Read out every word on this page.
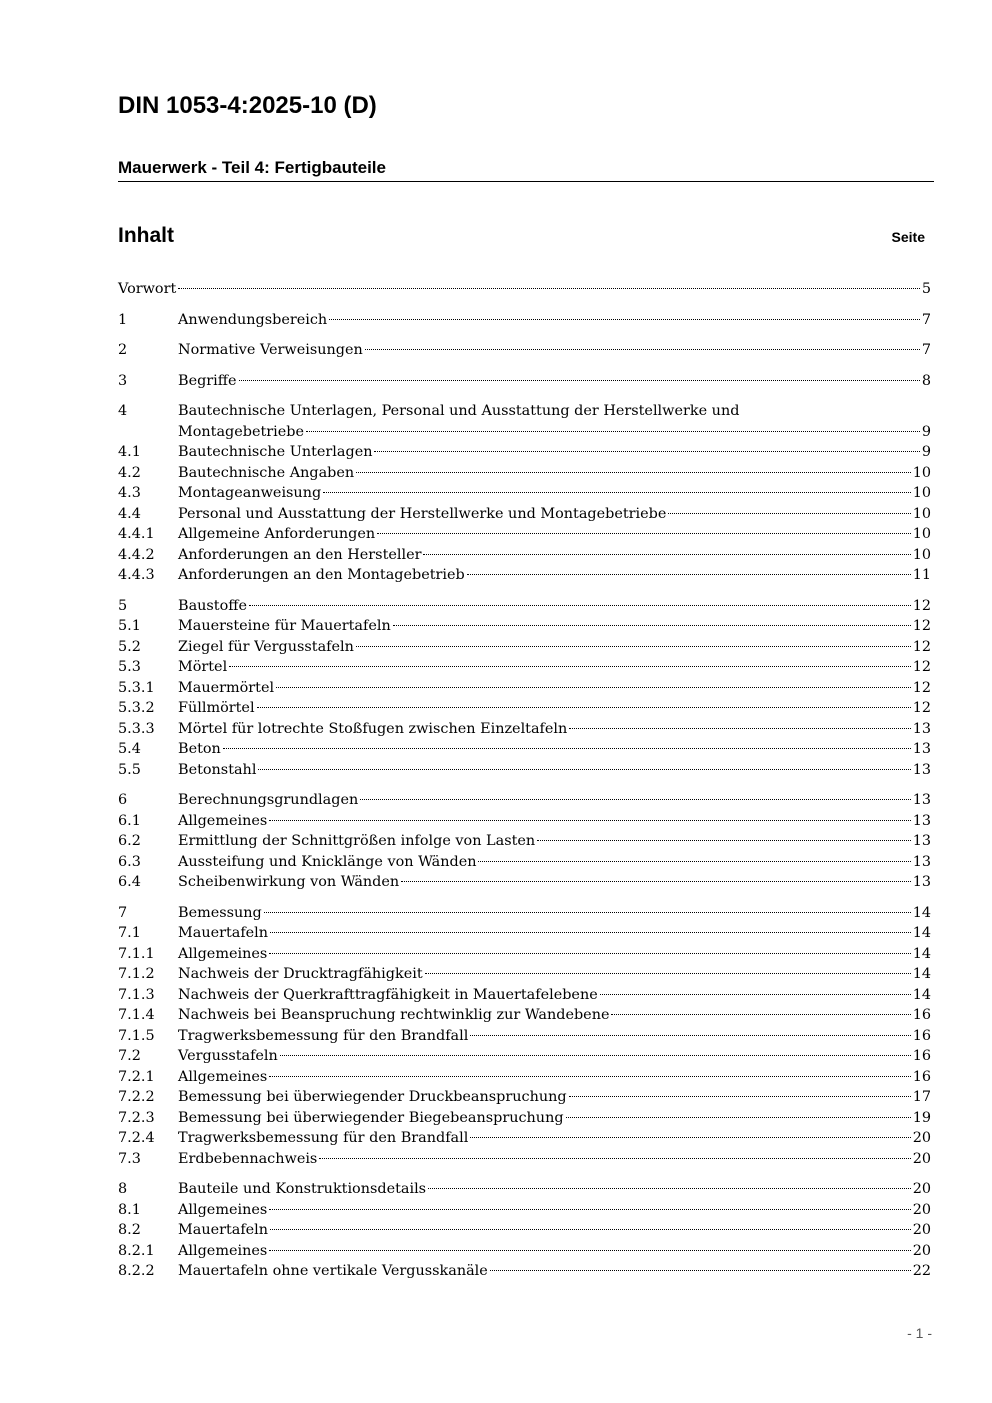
DIN 1053-4:2025-10 (D)
Mauerwerk - Teil 4: Fertigbauteile
Inhalt	Seite
Vorwort	5
1	Anwendungsbereich	7
2	Normative Verweisungen	7
3	Begriffe	8
4	Bautechnische Unterlagen, Personal und Ausstattung der Herstellwerke und
Montagebetriebe	9
4.1	Bautechnische Unterlagen	9
4.2	Bautechnische Angaben	10
4.3	Montageanweisung	10
4.4	Personal und Ausstattung der Herstellwerke und Montagebetriebe	10
4.4.1	Allgemeine Anforderungen	10
4.4.2	Anforderungen an den Hersteller	10
4.4.3	Anforderungen an den Montagebetrieb	11
5	Baustoffe	12
5.1	Mauersteine für Mauertafeln	12
5.2	Ziegel für Vergusstafeln	12
5.3	Mörtel	12
5.3.1	Mauermörtel	12
5.3.2	Füllmörtel	12
5.3.3	Mörtel für lotrechte Stoßfugen zwischen Einzeltafeln	13
5.4	Beton	13
5.5	Betonstahl	13
6	Berechnungsgrundlagen	13
6.1	Allgemeines	13
6.2	Ermittlung der Schnittgrößen infolge von Lasten	13
6.3	Aussteifung und Knicklänge von Wänden	13
6.4	Scheibenwirkung von Wänden	13
7	Bemessung	14
7.1	Mauertafeln	14
7.1.1	Allgemeines	14
7.1.2	Nachweis der Drucktragfähigkeit	14
7.1.3	Nachweis der Querkrafttragfähigkeit in Mauertafelebene	14
7.1.4	Nachweis bei Beanspruchung rechtwinklig zur Wandebene	16
7.1.5	Tragwerksbemessung für den Brandfall	16
7.2	Vergusstafeln	16
7.2.1	Allgemeines	16
7.2.2	Bemessung bei überwiegender Druckbeanspruchung	17
7.2.3	Bemessung bei überwiegender Biegebeanspruchung	19
7.2.4	Tragwerksbemessung für den Brandfall	20
7.3	Erdbebennachweis	20
8	Bauteile und Konstruktionsdetails	20
8.1	Allgemeines	20
8.2	Mauertafeln	20
8.2.1	Allgemeines	20
8.2.2	Mauertafeln ohne vertikale Vergusskanäle	22
- 1 -
